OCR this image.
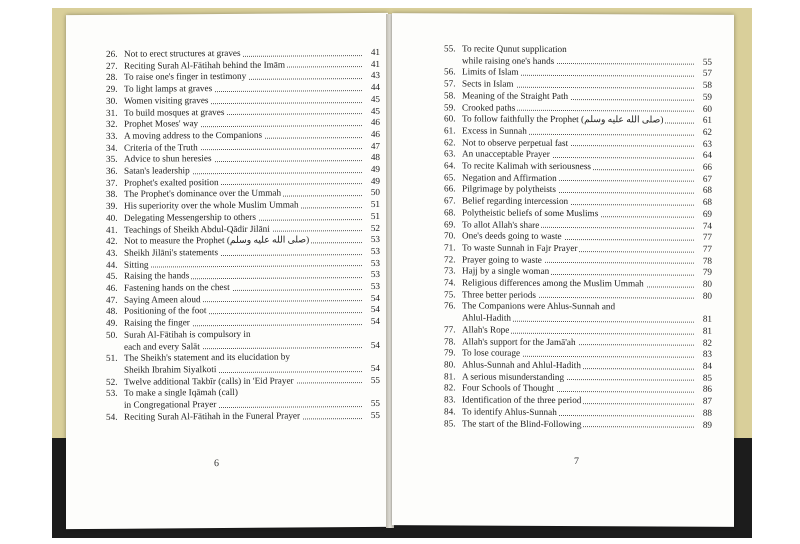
26. Not to erect structures at graves	41
27. Reciting Surah Al-Fātihah behind the Imām	41
28. To raise one's finger in testimony	43
29. To light lamps at graves	44
30. Women visiting graves	45
31. To build mosques at graves	45
32. Prophet Moses' way	46
33. A moving address to the Companions	46
34. Criteria of the Truth	47
35. Advice to shun heresies	48
36. Satan's leadership	49
37. Prophet's exalted position	49
38. The Prophet's dominance over the Ummah	50
39. His superiority over the whole Muslim Ummah	51
40. Delegating Messengership to others	51
41. Teachings of Sheikh Abdul-Qādir Jilāni	52
42. Not to measure the Prophet (صلى الله عليه وسلم)	53
43. Sheikh Jilāni's statements	53
44. Sitting	53
45. Raising the hands	53
46. Fastening hands on the chest	53
47. Saying Ameen aloud	54
48. Positioning of the foot	54
49. Raising the finger	54
50. Surah Al-Fātihah is compulsory in
each and every Salāt	54
51. The Sheikh's statement and its elucidation by
Sheikh Ibrahim Siyalkoti	54
52. Twelve additional Takbīr (calls) in 'Eid Prayer	55
53. To make a single Iqāmah (call)
in Congregational Prayer	55
54. Reciting Surah Al-Fātihah in the Funeral Prayer	55
6
55. To recite Qunut supplication
while raising one's hands	55
56. Limits of Islam	57
57. Sects in Islam	58
58. Meaning of the Straight Path	59
59. Crooked paths	60
60. To follow faithfully the Prophet (صلى الله عليه وسلم)	61
61. Excess in Sunnah	62
62. Not to observe perpetual fast	63
63. An unacceptable Prayer	64
64. To recite Kalimah with seriousness	66
65. Negation and Affirmation	67
66. Pilgrimage by polytheists	68
67. Belief regarding intercession	68
68. Polytheistic beliefs of some Muslims	69
69. To allot Allah's share	74
70. One's deeds going to waste	77
71. To waste Sunnah in Fajr Prayer	77
72. Prayer going to waste	78
73. Hajj by a single woman	79
74. Religious differences among the Muslim Ummah	80
75. Three better periods	80
76. The Companions were Ahlus-Sunnah and
Ahlul-Hadith	81
77. Allah's Rope	81
78. Allah's support for the Jamā'ah	82
79. To lose courage	83
80. Ahlus-Sunnah and Ahlul-Hadith	84
81. A serious misunderstanding	85
82. Four Schools of Thought	86
83. Identification of the three period	87
84. To identify Ahlus-Sunnah	88
85. The start of the Blind-Following	89
7
